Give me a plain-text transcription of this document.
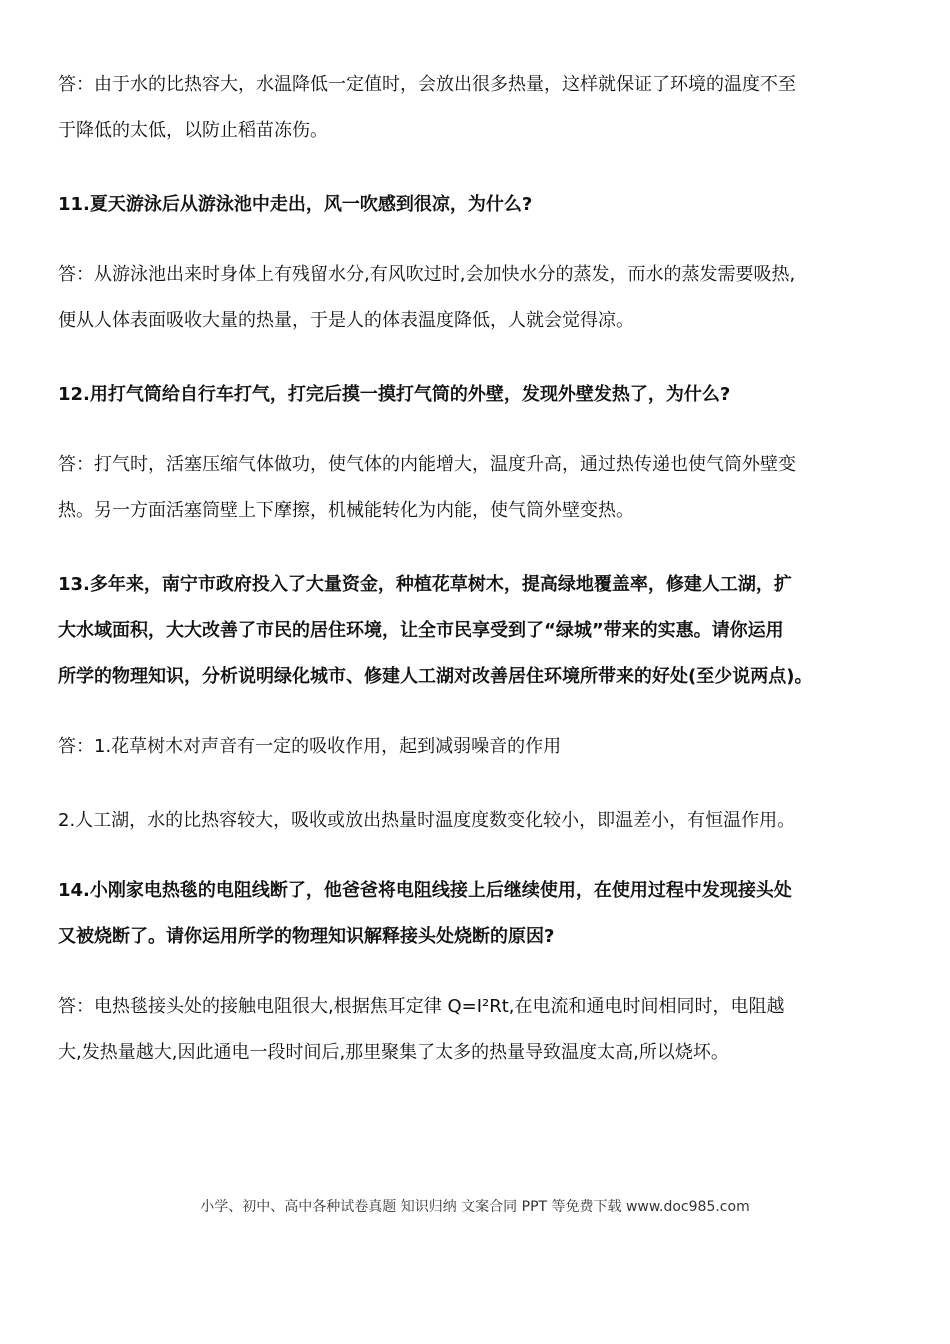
答：由于水的比热容大，水温降低一定值时，会放出很多热量，这样就保证了环境的温度不至
于降低的太低，以防止稻苗冻伤。

11.夏天游泳后从游泳池中走出，风一吹感到很凉，为什么?

答：从游泳池出来时身体上有残留水分,有风吹过时,会加快水分的蒸发，而水的蒸发需要吸热,
便从人体表面吸收大量的热量，于是人的体表温度降低，人就会觉得凉。

12.用打气筒给自行车打气，打完后摸一摸打气筒的外壁，发现外壁发热了，为什么?

答：打气时，活塞压缩气体做功，使气体的内能增大，温度升高，通过热传递也使气筒外壁变
热。另一方面活塞筒壁上下摩擦，机械能转化为内能，使气筒外壁变热。

13.多年来，南宁市政府投入了大量资金，种植花草树木，提高绿地覆盖率，修建人工湖，扩
大水域面积，大大改善了市民的居住环境，让全市民享受到了“绿城”带来的实惠。请你运用
所学的物理知识，分析说明绿化城市、修建人工湖对改善居住环境所带来的好处(至少说两点)。

答：1.花草树木对声音有一定的吸收作用，起到减弱噪音的作用

2.人工湖，水的比热容较大，吸收或放出热量时温度度数变化较小，即温差小，有恒温作用。

14.小刚家电热毯的电阻线断了，他爸爸将电阻线接上后继续使用，在使用过程中发现接头处
又被烧断了。请你运用所学的物理知识解释接头处烧断的原因?

答：电热毯接头处的接触电阻很大,根据焦耳定律 Q=I²Rt,在电流和通电时间相同时，电阻越
大,发热量越大,因此通电一段时间后,那里聚集了太多的热量导致温度太高,所以烧坏。

小学、初中、高中各种试卷真题 知识归纳 文案合同 PPT 等免费下载 www.doc985.com
